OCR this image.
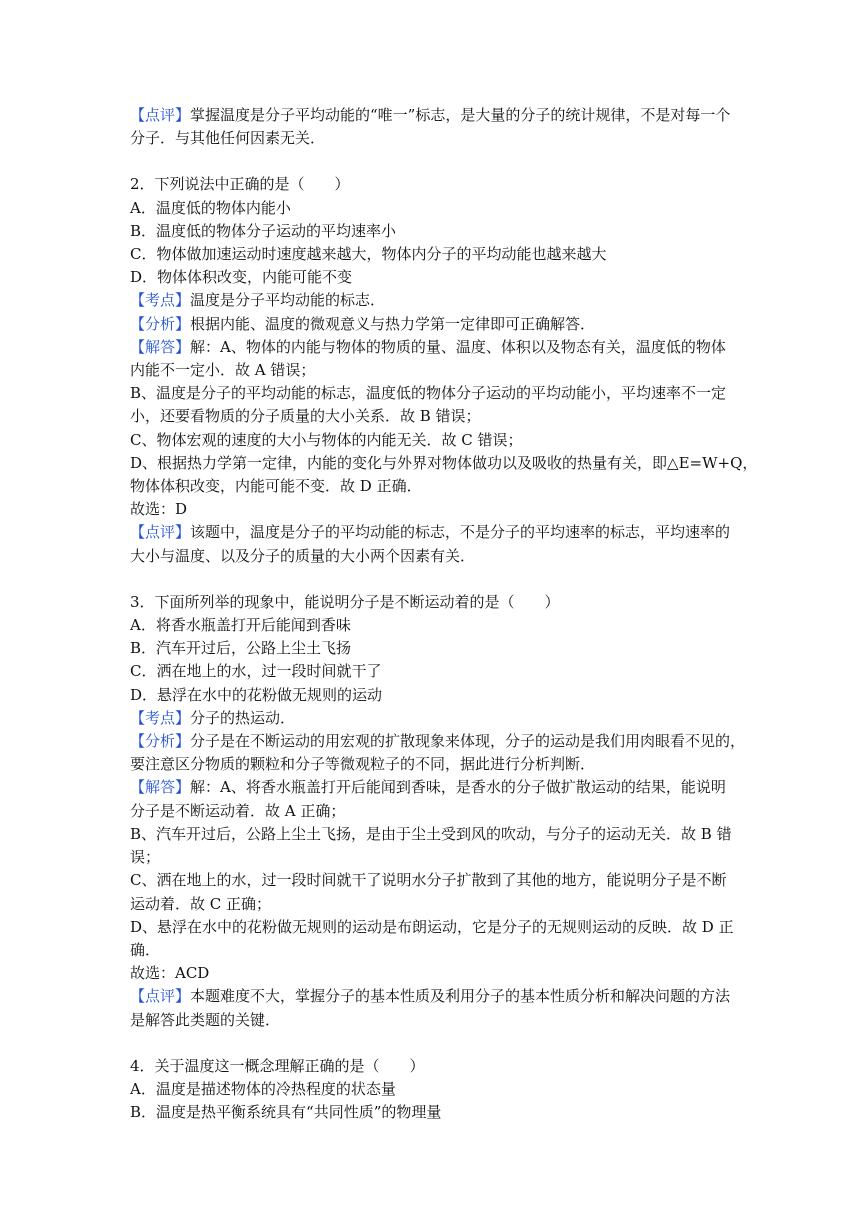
【点评】掌握温度是分子平均动能的“唯一”标志，是大量的分子的统计规律，不是对每一个
分子．与其他任何因素无关．
2．下列说法中正确的是（　　）
A．温度低的物体内能小
B．温度低的物体分子运动的平均速率小
C．物体做加速运动时速度越来越大，物体内分子的平均动能也越来越大
D．物体体积改变，内能可能不变
【考点】温度是分子平均动能的标志．
【分析】根据内能、温度的微观意义与热力学第一定律即可正确解答．
【解答】解：A、物体的内能与物体的物质的量、温度、体积以及物态有关，温度低的物体
内能不一定小．故 A 错误；
B、温度是分子的平均动能的标志，温度低的物体分子运动的平均动能小，平均速率不一定
小，还要看物质的分子质量的大小关系．故 B 错误；
C、物体宏观的速度的大小与物体的内能无关．故 C 错误；
D、根据热力学第一定律，内能的变化与外界对物体做功以及吸收的热量有关，即△E=W+Q，
物体体积改变，内能可能不变．故 D 正确．
故选：D
【点评】该题中，温度是分子的平均动能的标志，不是分子的平均速率的标志，平均速率的
大小与温度、以及分子的质量的大小两个因素有关．
3．下面所列举的现象中，能说明分子是不断运动着的是（　　）
A．将香水瓶盖打开后能闻到香味
B．汽车开过后，公路上尘土飞扬
C．洒在地上的水，过一段时间就干了
D．悬浮在水中的花粉做无规则的运动
【考点】分子的热运动．
【分析】分子是在不断运动的用宏观的扩散现象来体现，分子的运动是我们用肉眼看不见的，
要注意区分物质的颗粒和分子等微观粒子的不同，据此进行分析判断．
【解答】解：A、将香水瓶盖打开后能闻到香味，是香水的分子做扩散运动的结果，能说明
分子是不断运动着．故 A 正确；
B、汽车开过后，公路上尘土飞扬，是由于尘土受到风的吹动，与分子的运动无关．故 B 错
误；
C、洒在地上的水，过一段时间就干了说明水分子扩散到了其他的地方，能说明分子是不断
运动着．故 C 正确；
D、悬浮在水中的花粉做无规则的运动是布朗运动，它是分子的无规则运动的反映．故 D 正
确．
故选：ACD
【点评】本题难度不大，掌握分子的基本性质及利用分子的基本性质分析和解决问题的方法
是解答此类题的关键．
4．关于温度这一概念理解正确的是（　　）
A．温度是描述物体的冷热程度的状态量
B．温度是热平衡系统具有“共同性质”的物理量
